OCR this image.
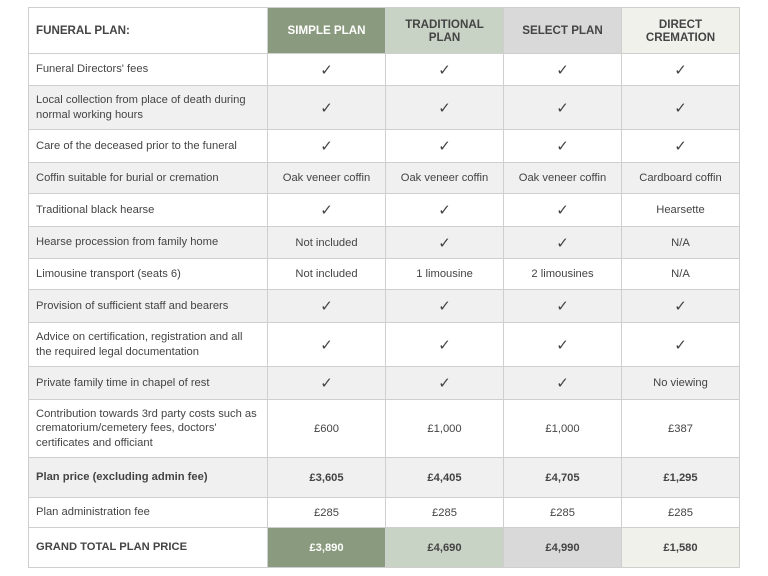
FUNERAL PLAN:	SIMPLE PLAN	TRADITIONAL PLAN	SELECT PLAN	DIRECT CREMATION
Funeral Directors' fees	✓	✓	✓	✓
Local collection from place of death during normal working hours	✓	✓	✓	✓
Care of the deceased prior to the funeral	✓	✓	✓	✓
Coffin suitable for burial or cremation	Oak veneer coffin	Oak veneer coffin	Oak veneer coffin	Cardboard coffin
Traditional black hearse	✓	✓	✓	Hearsette
Hearse procession from family home	Not included	✓	✓	N/A
Limousine transport (seats 6)	Not included	1 limousine	2 limousines	N/A
Provision of sufficient staff and bearers	✓	✓	✓	✓
Advice on certification, registration and all the required legal documentation	✓	✓	✓	✓
Private family time in chapel of rest	✓	✓	✓	No viewing
Contribution towards 3rd party costs such as crematorium/cemetery fees, doctors' certificates and officiant	£600	£1,000	£1,000	£387
Plan price (excluding admin fee)	£3,605	£4,405	£4,705	£1,295
Plan administration fee	£285	£285	£285	£285
GRAND TOTAL PLAN PRICE	£3,890	£4,690	£4,990	£1,580
